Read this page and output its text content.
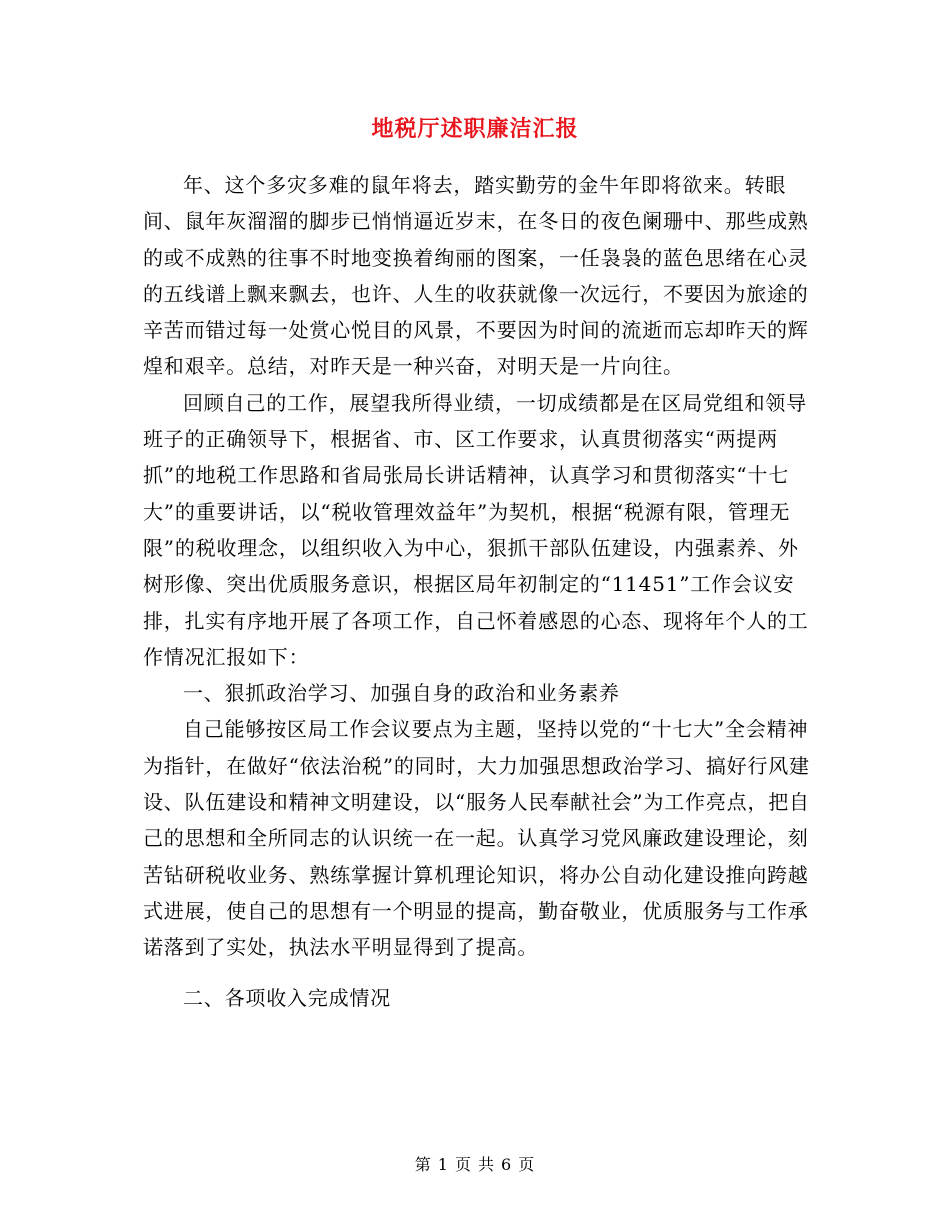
地税厅述职廉洁汇报

年、这个多灾多难的鼠年将去，踏实勤劳的金牛年即将欲来。转眼间、鼠年灰溜溜的脚步已悄悄逼近岁末，在冬日的夜色阑珊中、那些成熟的或不成熟的往事不时地变换着绚丽的图案，一任袅袅的蓝色思绪在心灵的五线谱上飘来飘去，也许、人生的收获就像一次远行，不要因为旅途的辛苦而错过每一处赏心悦目的风景，不要因为时间的流逝而忘却昨天的辉煌和艰辛。总结，对昨天是一种兴奋，对明天是一片向往。

回顾自己的工作，展望我所得业绩，一切成绩都是在区局党组和领导班子的正确领导下，根据省、市、区工作要求，认真贯彻落实“两提两抓”的地税工作思路和省局张局长讲话精神，认真学习和贯彻落实“十七大”的重要讲话，以“税收管理效益年”为契机，根据“税源有限，管理无限”的税收理念，以组织收入为中心，狠抓干部队伍建设，内强素养、外树形像、突出优质服务意识，根据区局年初制定的“11451”工作会议安排，扎实有序地开展了各项工作，自己怀着感恩的心态、现将年个人的工作情况汇报如下：

一、狠抓政治学习、加强自身的政治和业务素养

自己能够按区局工作会议要点为主题，坚持以党的“十七大”全会精神为指针，在做好“依法治税”的同时，大力加强思想政治学习、搞好行风建设、队伍建设和精神文明建设，以“服务人民奉献社会”为工作亮点，把自己的思想和全所同志的认识统一在一起。认真学习党风廉政建设理论，刻苦钻研税收业务、熟练掌握计算机理论知识，将办公自动化建设推向跨越式进展，使自己的思想有一个明显的提高，勤奋敬业，优质服务与工作承诺落到了实处，执法水平明显得到了提高。

二、各项收入完成情况

第 1 页 共 6 页
